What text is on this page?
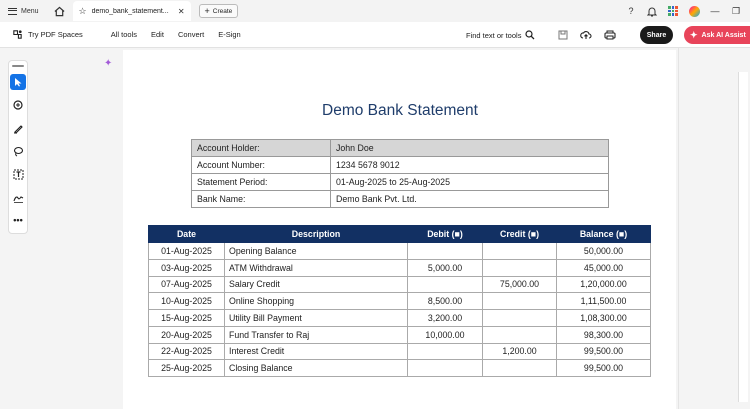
Menu	☆ demo_bank_statement...	✕ + Create	?	— ❐
Try PDF Spaces	All tools Edit Convert E-Sign	Find text or tools	Share	✦ Ask AI Assist
•••
✦
Demo Bank Statement
Account Holder:	John Doe
Account Number:	1234 5678 9012
Statement Period:	01-Aug-2025 to 25-Aug-2025
Bank Name:	Demo Bank Pvt. Ltd.
Date	Description	Debit (■)	Credit (■)	Balance (■)
01-Aug-2025	Opening Balance			50,000.00
03-Aug-2025	ATM Withdrawal	5,000.00		45,000.00
07-Aug-2025	Salary Credit		75,000.00	1,20,000.00
10-Aug-2025	Online Shopping	8,500.00		1,11,500.00
15-Aug-2025	Utility Bill Payment	3,200.00		1,08,300.00
20-Aug-2025	Fund Transfer to Raj	10,000.00		98,300.00
22-Aug-2025	Interest Credit		1,200.00	99,500.00
25-Aug-2025	Closing Balance			99,500.00
